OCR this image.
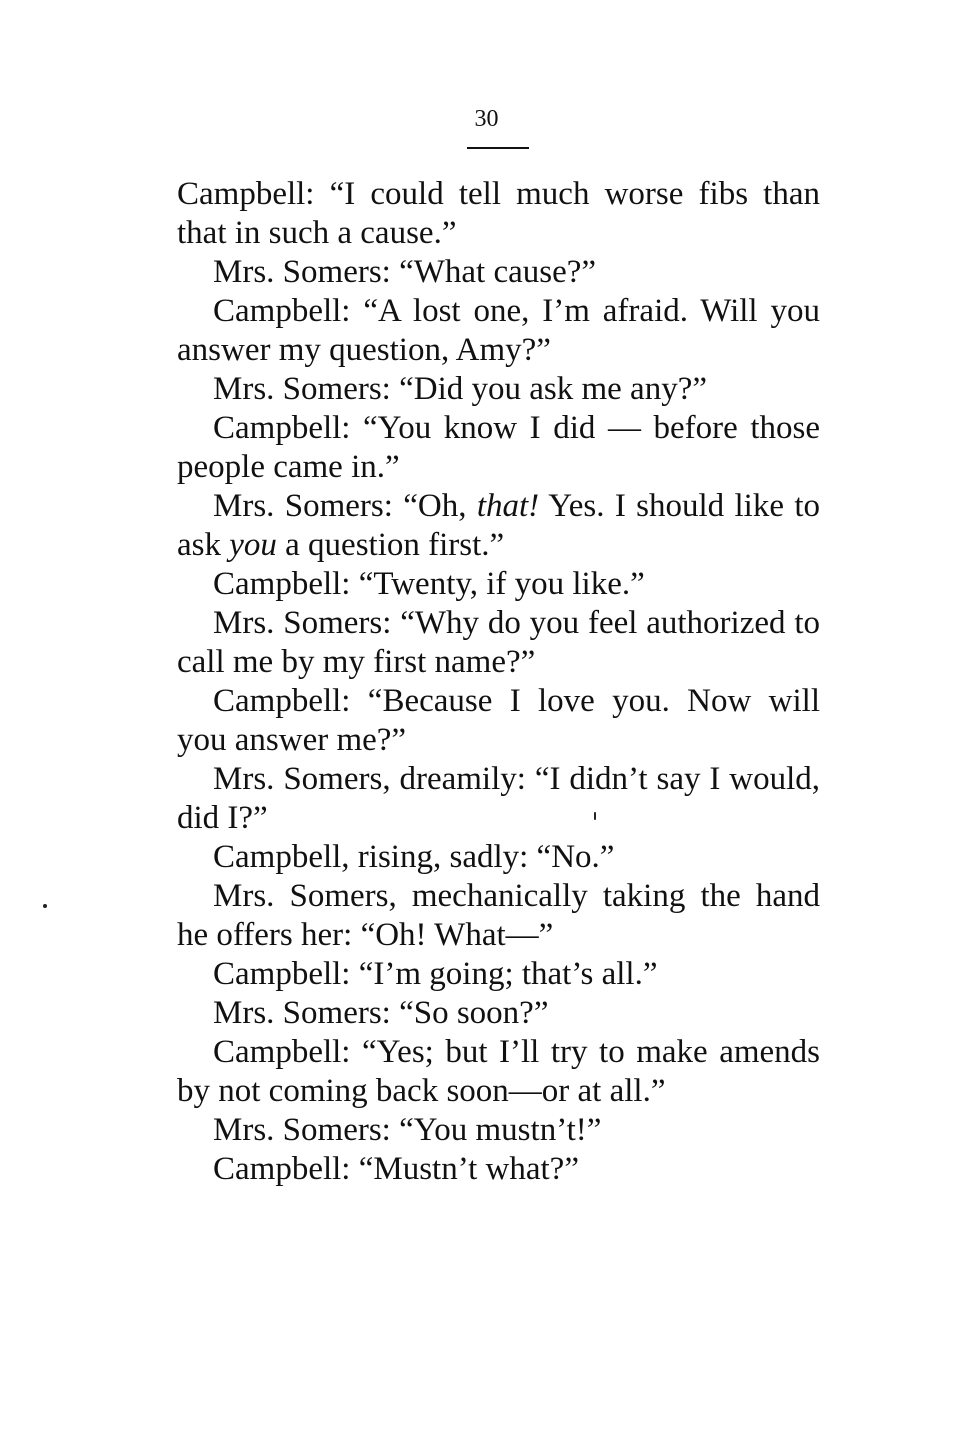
30

Campbell: “I could tell much worse fibs than that in such a cause.”

Mrs. Somers: “What cause?”

Campbell: “A lost one, I’m afraid. Will you answer my question, Amy?”

Mrs. Somers: “Did you ask me any?”

Campbell: “You know I did — before those people came in.”

Mrs. Somers: “Oh, that! Yes. I should like to ask you a question first.”

Campbell: “Twenty, if you like.”

Mrs. Somers: “Why do you feel authorized to call me by my first name?”

Campbell: “Because I love you. Now will you answer me?”

Mrs. Somers, dreamily: “I didn’t say I would, did I?”

Campbell, rising, sadly: “No.”

Mrs. Somers, mechanically taking the hand he offers her: “Oh! What—”

Campbell: “I’m going; that’s all.”

Mrs. Somers: “So soon?”

Campbell: “Yes; but I’ll try to make amends by not coming back soon—or at all.”

Mrs. Somers: “You mustn’t!”

Campbell: “Mustn’t what?”
